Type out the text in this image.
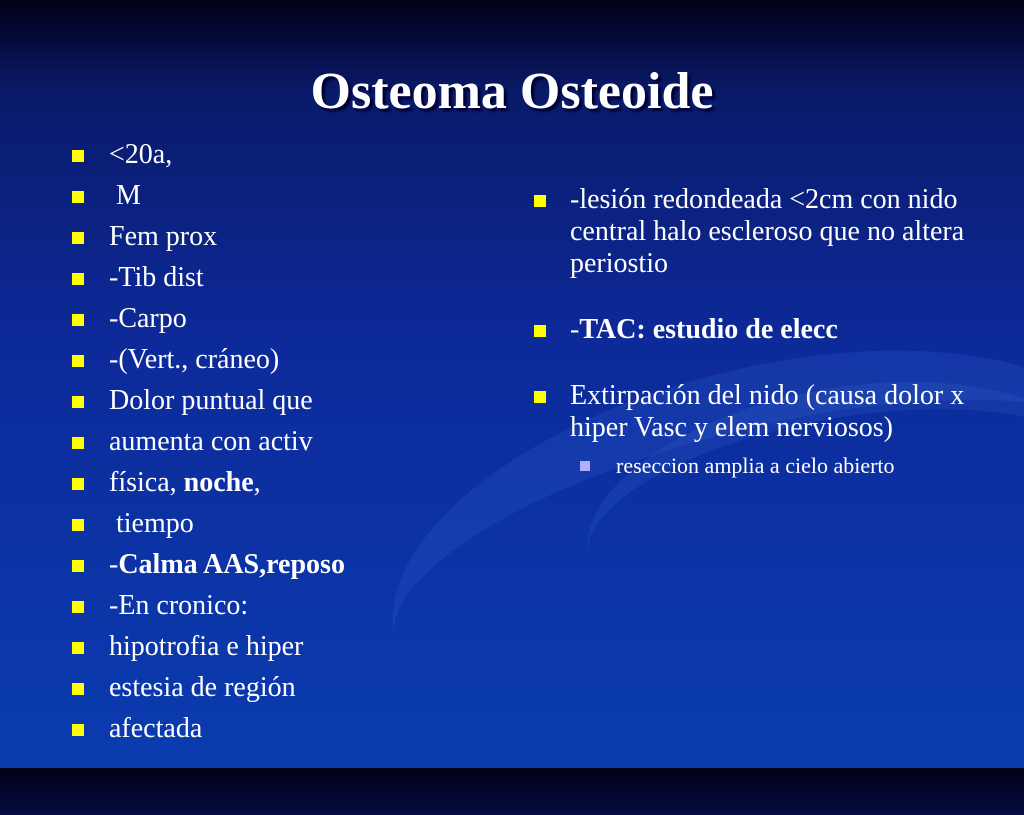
Osteoma Osteoide
<20a,
M
Fem prox
-Tib dist
-Carpo
-(Vert., cráneo)
Dolor puntual que
aumenta con activ
física, noche,
tiempo
-Calma AAS,reposo
-En cronico:
hipotrofia e hiper
estesia de región
afectada
-lesión redondeada <2cm con nido central halo escleroso que no altera periostio
-TAC: estudio de elecc
Extirpación del nido (causa dolor x hiper Vasc y elem nerviosos)
reseccion amplia a cielo abierto
